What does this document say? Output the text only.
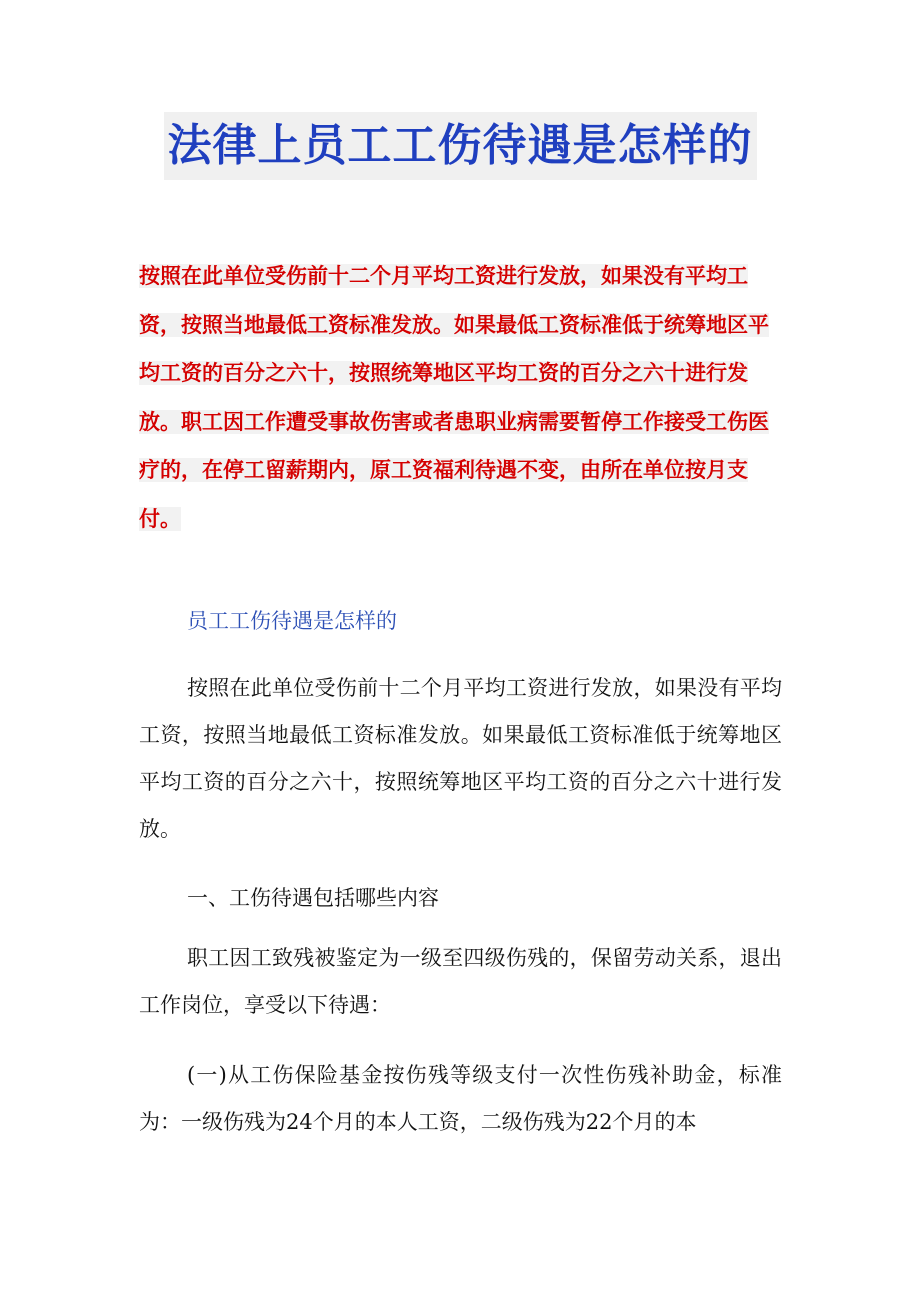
法律上员工工伤待遇是怎样的
按照在此单位受伤前十二个月平均工资进行发放，如果没有平均工资，按照当地最低工资标准发放。如果最低工资标准低于统筹地区平均工资的百分之六十，按照统筹地区平均工资的百分之六十进行发放。职工因工作遭受事故伤害或者患职业病需要暂停工作接受工伤医疗的，在停工留薪期内，原工资福利待遇不变，由所在单位按月支付。
员工工伤待遇是怎样的
按照在此单位受伤前十二个月平均工资进行发放，如果没有平均工资，按照当地最低工资标准发放。如果最低工资标准低于统筹地区平均工资的百分之六十，按照统筹地区平均工资的百分之六十进行发放。
一、工伤待遇包括哪些内容
职工因工致残被鉴定为一级至四级伤残的，保留劳动关系，退出工作岗位，享受以下待遇：
(一)从工伤保险基金按伤残等级支付一次性伤残补助金，标准为：一级伤残为24个月的本人工资，二级伤残为22个月的本
